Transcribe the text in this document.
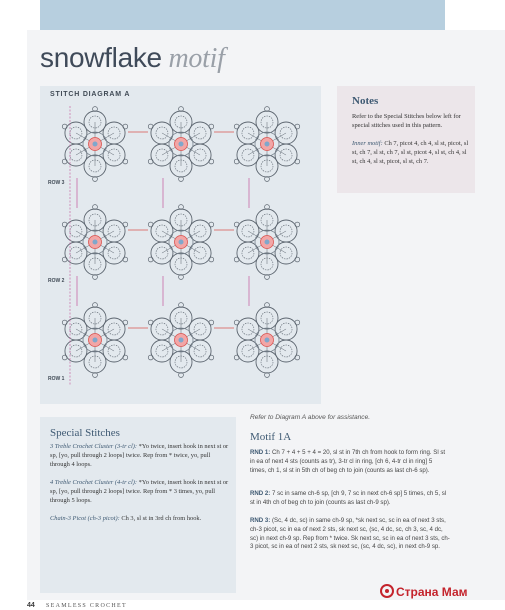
snowflake motif
STITCH DIAGRAM A
ROW 3
ROW 2
ROW 1
Notes

Refer to the Special Stitches below left for special stitches used in this pattern.

Inner motif: Ch 7, picot 4, ch 4, sl st, picot, sl st, ch 7, sl st, ch 7, sl st, picot 4, sl st, ch 4, sl st, ch 4, sl st, picot, sl st, ch 7.

Special Stitches
3 Treble Crochet Cluster (3-tr cl): *Yo twice, insert hook in next st or sp, [yo, pull through 2 loops] twice. Rep from * twice, yo, pull through 4 loops.
4 Treble Crochet Cluster (4-tr cl): *Yo twice, insert hook in next st or sp, [yo, pull through 2 loops] twice. Rep from * 3 times, yo, pull through 5 loops.
Chain-3 Picot (ch-3 picot): Ch 3, sl st in 3rd ch from hook.
Refer to Diagram A above for assistance.
Motif 1A
RND 1: Ch 7 + 4 + 5 + 4 = 20, sl st in 7th ch from hook to form ring. Sl st in ea of next 4 sts (counts as tr), 3-tr cl in ring, [ch 6, 4-tr cl in ring] 5 times, ch 1, sl st in 5th ch of beg ch to join (counts as last ch-6 sp).
RND 2: 7 sc in same ch-6 sp, [ch 9, 7 sc in next ch-6 sp] 5 times, ch 5, sl st in 4th ch of beg ch to join (counts as last ch-9 sp).
RND 3: (Sc, 4 dc, sc) in same ch-9 sp, *sk next sc, sc in ea of next 3 sts, ch-3 picot, sc in ea of next 2 sts, sk next sc, (sc, 4 dc, sc, ch 3, sc, 4 dc, sc) in next ch-9 sp. Rep from * twice. Sk next sc, sc in ea of next 3 sts, ch-3 picot, sc in ea of next 2 sts, sk next sc, (sc, 4 dc, sc), in next ch-9 sp.
44 SEAMLESS CROCHET
Страна Мам
